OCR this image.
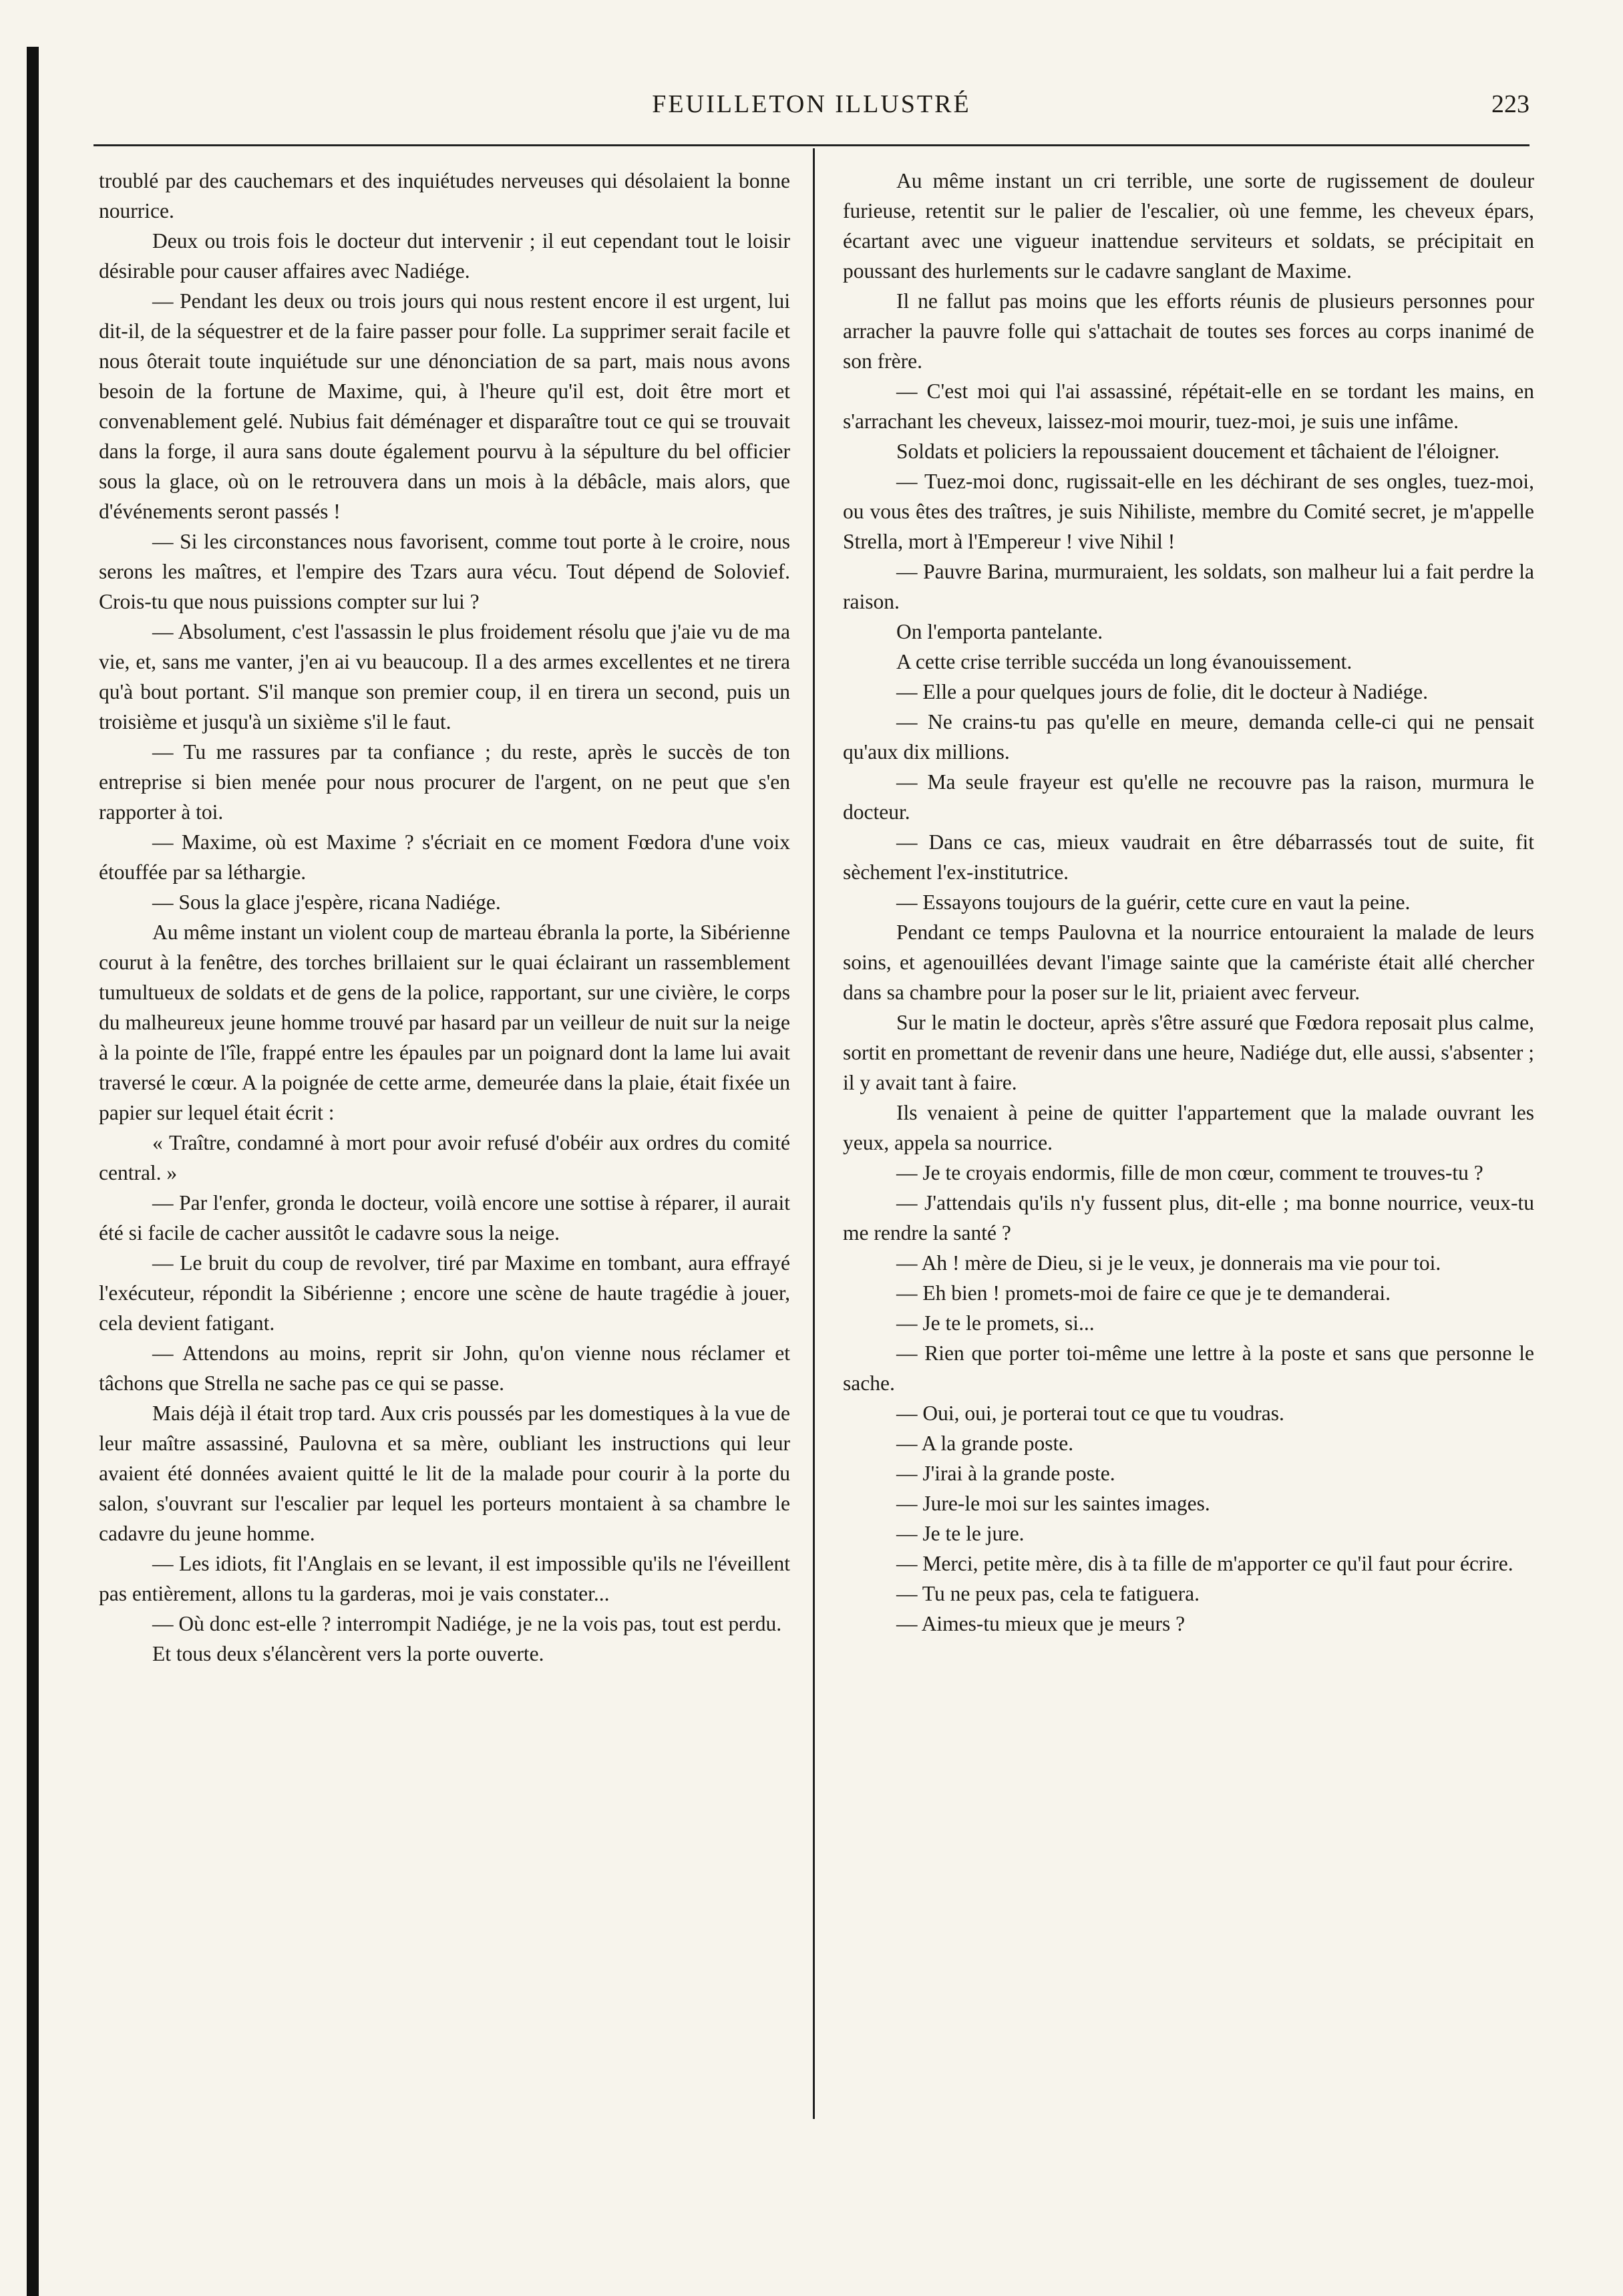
FEUILLETON ILLUSTRÉ	223

troublé par des cauchemars et des inquiétudes nerveuses qui désolaient la bonne nourrice.

Deux ou trois fois le docteur dut intervenir ; il eut cependant tout le loisir désirable pour causer affaires avec Nadiége.

— Pendant les deux ou trois jours qui nous restent encore il est urgent, lui dit-il, de la séquestrer et de la faire passer pour folle. La supprimer serait facile et nous ôterait toute inquiétude sur une dénonciation de sa part, mais nous avons besoin de la fortune de Maxime, qui, à l'heure qu'il est, doit être mort et convenablement gelé. Nubius fait déménager et disparaître tout ce qui se trouvait dans la forge, il aura sans doute également pourvu à la sépulture du bel officier sous la glace, où on le retrouvera dans un mois à la débâcle, mais alors, que d'événements seront passés !

— Si les circonstances nous favorisent, comme tout porte à le croire, nous serons les maîtres, et l'empire des Tzars aura vécu. Tout dépend de Solovief. Crois-tu que nous puissions compter sur lui ?

— Absolument, c'est l'assassin le plus froidement résolu que j'aie vu de ma vie, et, sans me vanter, j'en ai vu beaucoup. Il a des armes excellentes et ne tirera qu'à bout portant. S'il manque son premier coup, il en tirera un second, puis un troisième et jusqu'à un sixième s'il le faut.

— Tu me rassures par ta confiance ; du reste, après le succès de ton entreprise si bien menée pour nous procurer de l'argent, on ne peut que s'en rapporter à toi.

— Maxime, où est Maxime ? s'écriait en ce moment Fœdora d'une voix étouffée par sa léthargie.

— Sous la glace j'espère, ricana Nadiége.

Au même instant un violent coup de marteau ébranla la porte, la Sibérienne courut à la fenêtre, des torches brillaient sur le quai éclairant un rassemblement tumultueux de soldats et de gens de la police, rapportant, sur une civière, le corps du malheureux jeune homme trouvé par hasard par un veilleur de nuit sur la neige à la pointe de l'île, frappé entre les épaules par un poignard dont la lame lui avait traversé le cœur. A la poignée de cette arme, demeurée dans la plaie, était fixée un papier sur lequel était écrit :

« Traître, condamné à mort pour avoir refusé d'obéir aux ordres du comité central. »

— Par l'enfer, gronda le docteur, voilà encore une sottise à réparer, il aurait été si facile de cacher aussitôt le cadavre sous la neige.

— Le bruit du coup de revolver, tiré par Maxime en tombant, aura effrayé l'exécuteur, répondit la Sibérienne ; encore une scène de haute tragédie à jouer, cela devient fatigant.

— Attendons au moins, reprit sir John, qu'on vienne nous réclamer et tâchons que Strella ne sache pas ce qui se passe.

Mais déjà il était trop tard. Aux cris poussés par les domestiques à la vue de leur maître assassiné, Paulovna et sa mère, oubliant les instructions qui leur avaient été données avaient quitté le lit de la malade pour courir à la porte du salon, s'ouvrant sur l'escalier par lequel les porteurs montaient à sa chambre le cadavre du jeune homme.

— Les idiots, fit l'Anglais en se levant, il est impossible qu'ils ne l'éveillent pas entièrement, allons tu la garderas, moi je vais constater...

— Où donc est-elle ? interrompit Nadiége, je ne la vois pas, tout est perdu.

Et tous deux s'élancèrent vers la porte ouverte.

Au même instant un cri terrible, une sorte de rugissement de douleur furieuse, retentit sur le palier de l'escalier, où une femme, les cheveux épars, écartant avec une vigueur inattendue serviteurs et soldats, se précipitait en poussant des hurlements sur le cadavre sanglant de Maxime.

Il ne fallut pas moins que les efforts réunis de plusieurs personnes pour arracher la pauvre folle qui s'attachait de toutes ses forces au corps inanimé de son frère.

— C'est moi qui l'ai assassiné, répétait-elle en se tordant les mains, en s'arrachant les cheveux, laissez-moi mourir, tuez-moi, je suis une infâme.

Soldats et policiers la repoussaient doucement et tâchaient de l'éloigner.

— Tuez-moi donc, rugissait-elle en les déchirant de ses ongles, tuez-moi, ou vous êtes des traîtres, je suis Nihiliste, membre du Comité secret, je m'appelle Strella, mort à l'Empereur ! vive Nihil !

— Pauvre Barina, murmuraient, les soldats, son malheur lui a fait perdre la raison.

On l'emporta pantelante.

A cette crise terrible succéda un long évanouissement.

— Elle a pour quelques jours de folie, dit le docteur à Nadiége.

— Ne crains-tu pas qu'elle en meure, demanda celle-ci qui ne pensait qu'aux dix millions.

— Ma seule frayeur est qu'elle ne recouvre pas la raison, murmura le docteur.

— Dans ce cas, mieux vaudrait en être débarrassés tout de suite, fit sèchement l'ex-institutrice.

— Essayons toujours de la guérir, cette cure en vaut la peine.

Pendant ce temps Paulovna et la nourrice entouraient la malade de leurs soins, et agenouillées devant l'image sainte que la caméristе était allé chercher dans sa chambre pour la poser sur le lit, priaient avec ferveur.

Sur le matin le docteur, après s'être assuré que Fœdora reposait plus calme, sortit en promettant de revenir dans une heure, Nadiége dut, elle aussi, s'absenter ; il y avait tant à faire.

Ils venaient à peine de quitter l'appartement que la malade ouvrant les yeux, appela sa nourrice.

— Je te croyais endormis, fille de mon cœur, comment te trouves-tu ?

— J'attendais qu'ils n'y fussent plus, dit-elle ; ma bonne nourrice, veux-tu me rendre la santé ?

— Ah ! mère de Dieu, si je le veux, je donnerais ma vie pour toi.

— Eh bien ! promets-moi de faire ce que je te demanderai.

— Je te le promets, si...

— Rien que porter toi-même une lettre à la poste et sans que personne le sache.

— Oui, oui, je porterai tout ce que tu voudras.

— A la grande poste.

— J'irai à la grande poste.

— Jure-le moi sur les saintes images.

— Je te le jure.

— Merci, petite mère, dis à ta fille de m'apporter ce qu'il faut pour écrire.

— Tu ne peux pas, cela te fatiguera.

— Aimes-tu mieux que je meurs ?
